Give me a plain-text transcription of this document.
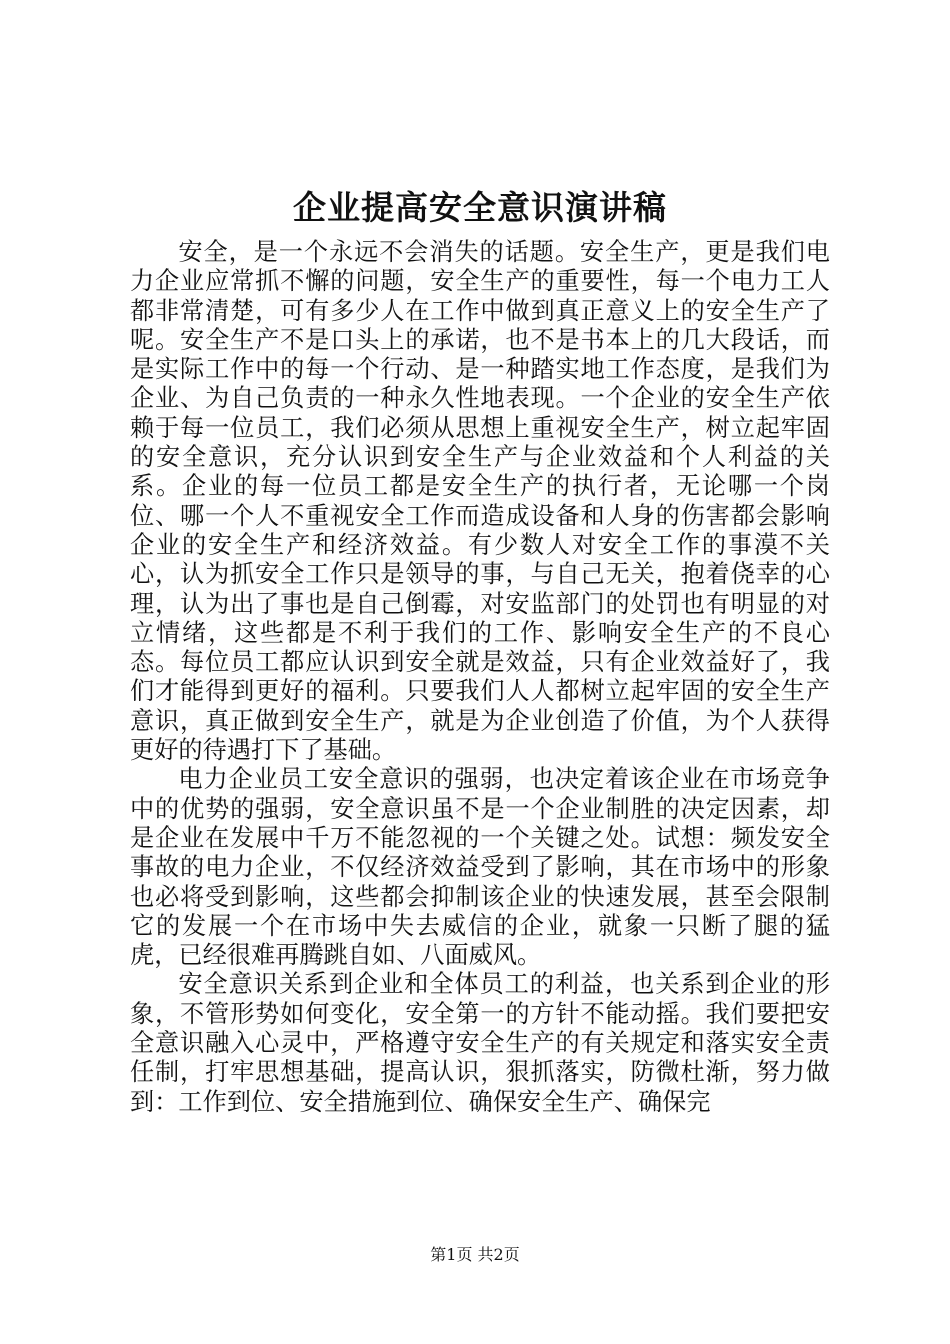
企业提高安全意识演讲稿

安全，是一个永远不会消失的话题。安全生产，更是我们电力企业应常抓不懈的问题，安全生产的重要性，每一个电力工人都非常清楚，可有多少人在工作中做到真正意义上的安全生产了呢。安全生产不是口头上的承诺，也不是书本上的几大段话，而是实际工作中的每一个行动、是一种踏实地工作态度，是我们为企业、为自己负责的一种永久性地表现。一个企业的安全生产依赖于每一位员工，我们必须从思想上重视安全生产，树立起牢固的安全意识，充分认识到安全生产与企业效益和个人利益的关系。企业的每一位员工都是安全生产的执行者，无论哪一个岗位、哪一个人不重视安全工作而造成设备和人身的伤害都会影响企业的安全生产和经济效益。有少数人对安全工作的事漠不关心，认为抓安全工作只是领导的事，与自己无关，抱着侥幸的心理，认为出了事也是自己倒霉，对安监部门的处罚也有明显的对立情绪，这些都是不利于我们的工作、影响安全生产的不良心态。每位员工都应认识到安全就是效益，只有企业效益好了，我们才能得到更好的福利。只要我们人人都树立起牢固的安全生产意识，真正做到安全生产，就是为企业创造了价值，为个人获得更好的待遇打下了基础。

电力企业员工安全意识的强弱，也决定着该企业在市场竞争中的优势的强弱，安全意识虽不是一个企业制胜的决定因素，却是企业在发展中千万不能忽视的一个关键之处。试想：频发安全事故的电力企业，不仅经济效益受到了影响，其在市场中的形象也必将受到影响，这些都会抑制该企业的快速发展，甚至会限制它的发展一个在市场中失去威信的企业，就象一只断了腿的猛虎，已经很难再腾跳自如、八面威风。

安全意识关系到企业和全体员工的利益，也关系到企业的形象，不管形势如何变化，安全第一的方针不能动摇。我们要把安全意识融入心灵中，严格遵守安全生产的有关规定和落实安全责任制，打牢思想基础，提高认识，狠抓落实，防微杜渐，努力做到：工作到位、安全措施到位、确保安全生产、确保完

第1页 共2页
